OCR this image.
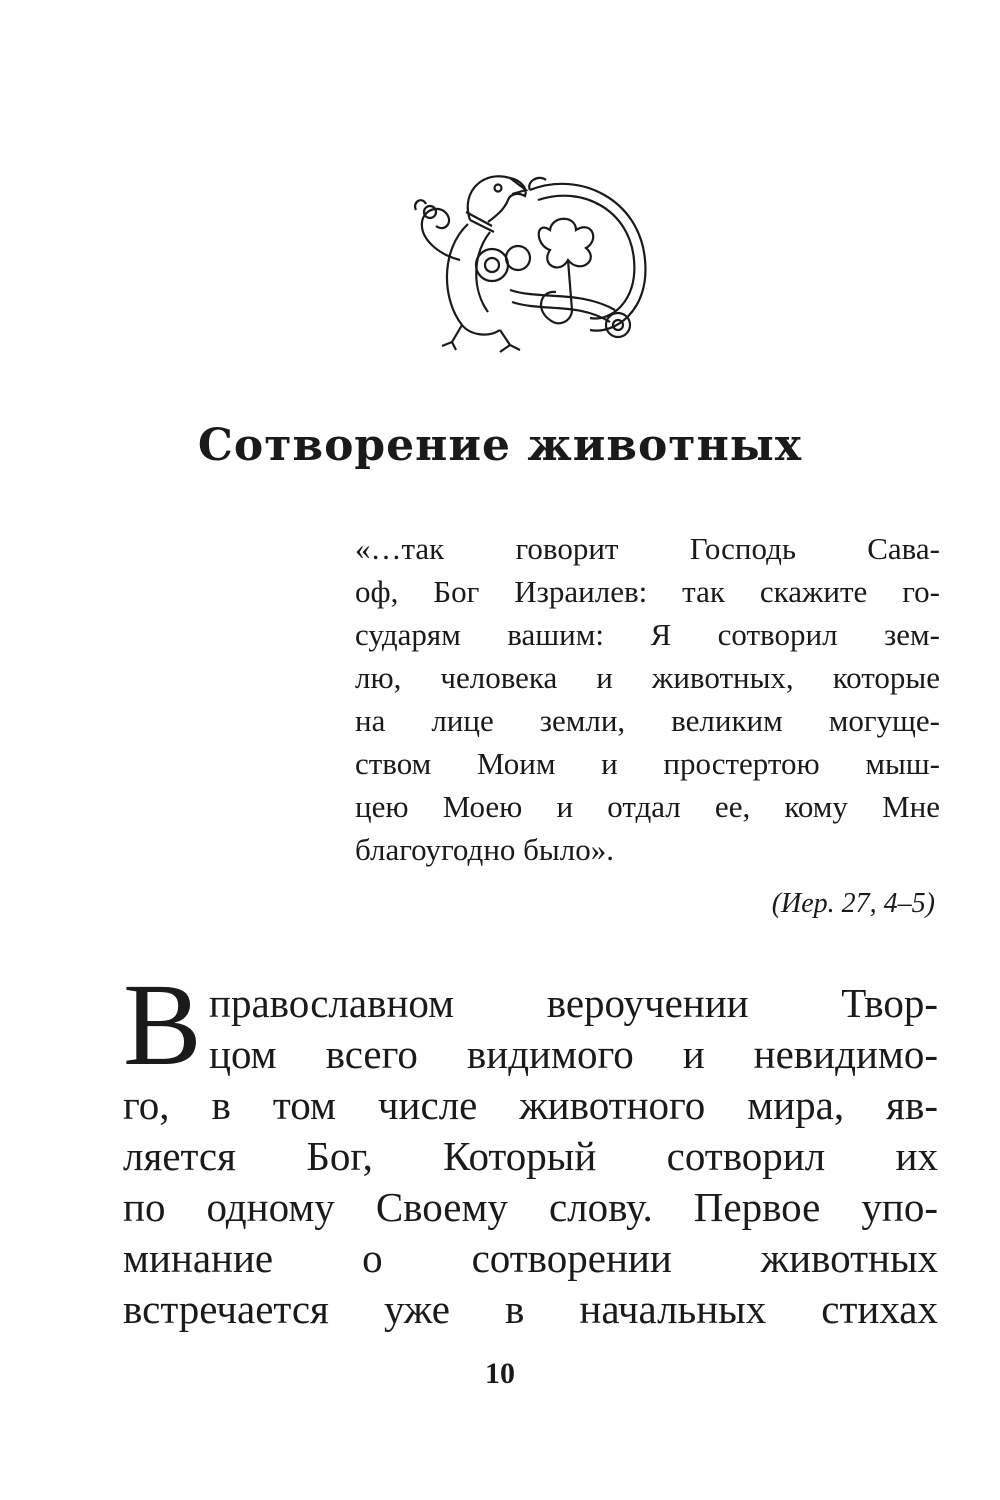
Сотворение животных
«…так говорит Господь Сава-
оф, Бог Израилев: так скажите го-
сударям вашим: Я сотворил зем-
лю, человека и животных, которые
на лице земли, великим могуще-
ством Моим и простертою мыш-
цею Моею и отдал ее, кому Мне
благоугодно было».
(Иер. 27, 4–5)
В православном вероучении Твор-
цом всего видимого и невидимо-
го, в том числе животного мира, яв-
ляется Бог, Который сотворил их
по одному Своему слову. Первое упо-
минание о сотворении животных
встречается уже в начальных стихах
10
